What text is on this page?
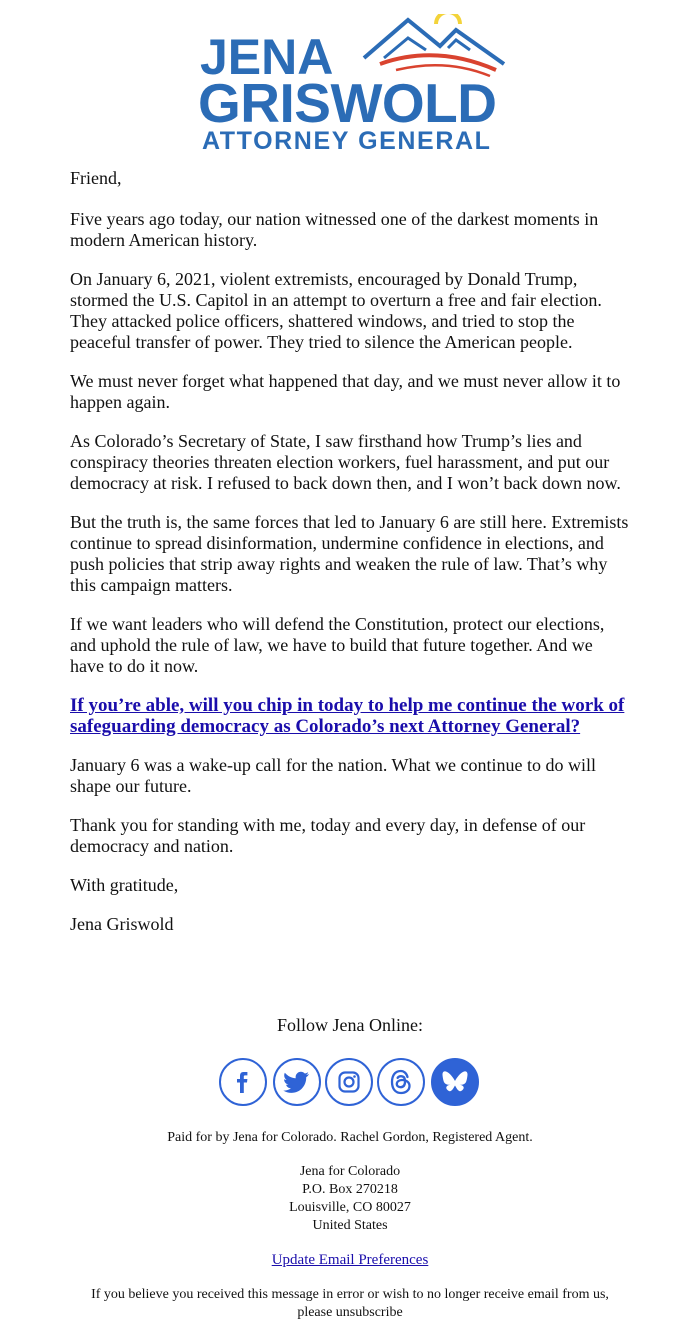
JENA
GRISWOLD
ATTORNEY GENERAL

Friend,

Five years ago today, our nation witnessed one of the darkest moments in modern American history.

On January 6, 2021, violent extremists, encouraged by Donald Trump, stormed the U.S. Capitol in an attempt to overturn a free and fair election. They attacked police officers, shattered windows, and tried to stop the peaceful transfer of power. They tried to silence the American people.

We must never forget what happened that day, and we must never allow it to happen again.

As Colorado’s Secretary of State, I saw firsthand how Trump’s lies and conspiracy theories threaten election workers, fuel harassment, and put our democracy at risk. I refused to back down then, and I won’t back down now.

But the truth is, the same forces that led to January 6 are still here. Extremists continue to spread disinformation, undermine confidence in elections, and push policies that strip away rights and weaken the rule of law. That’s why this campaign matters.

If we want leaders who will defend the Constitution, protect our elections, and uphold the rule of law, we have to build that future together. And we have to do it now.

If you’re able, will you chip in today to help me continue the work of safeguarding democracy as Colorado’s next Attorney General?

January 6 was a wake-up call for the nation. What we continue to do will shape our future.

Thank you for standing with me, today and every day, in defense of our democracy and nation.

With gratitude,

Jena Griswold

Follow Jena Online:
Paid for by Jena for Colorado. Rachel Gordon, Registered Agent.
Jena for Colorado
P.O. Box 270218
Louisville, CO 80027
United States
Update Email Preferences
If you believe you received this message in error or wish to no longer receive email from us, please unsubscribe
